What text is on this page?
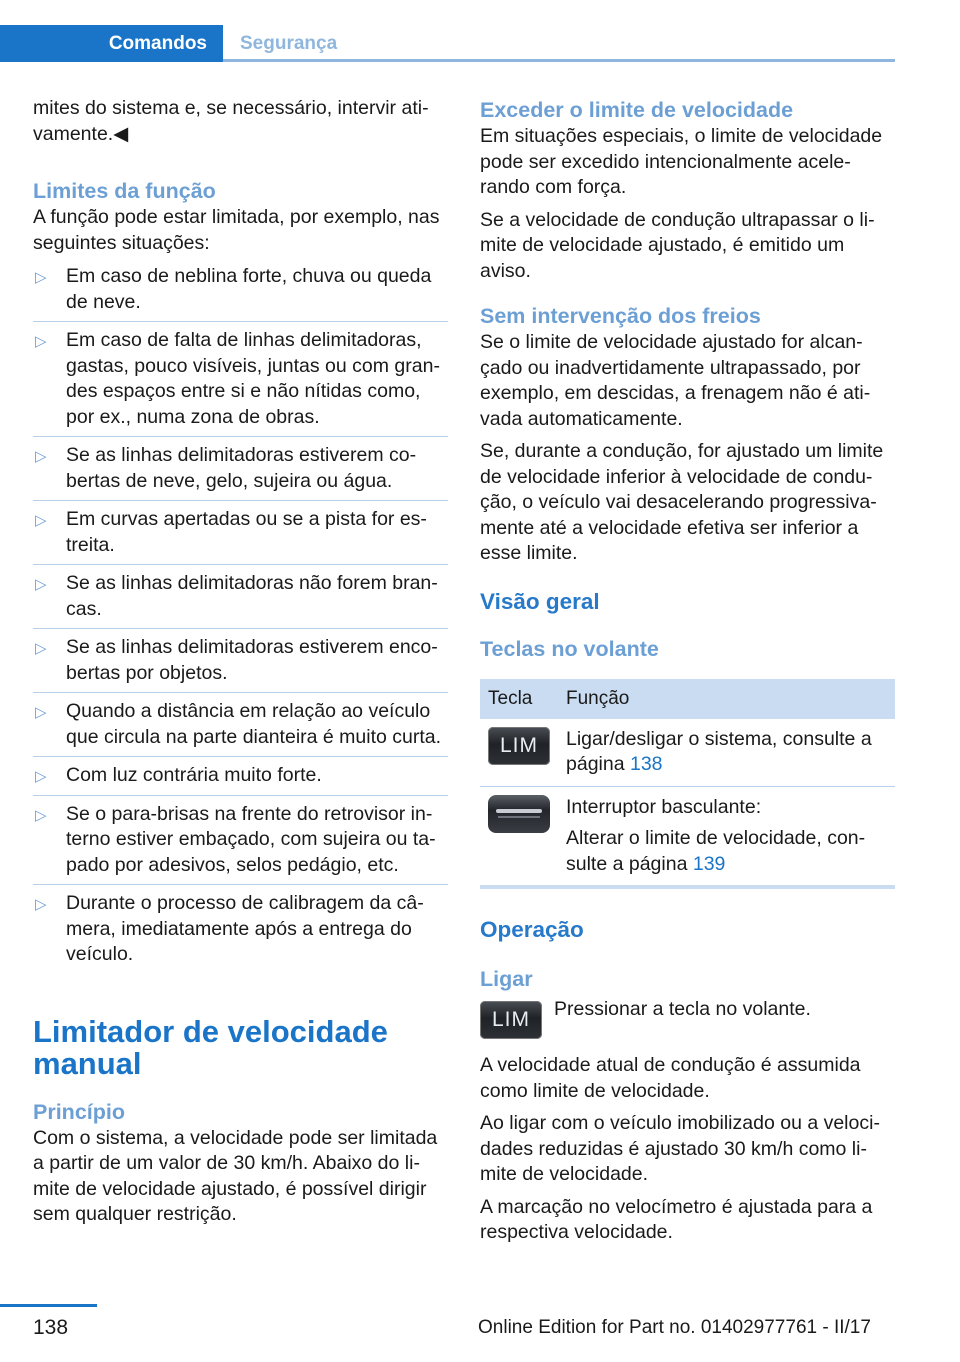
Comandos	Segurança

mites do sistema e, se necessário, intervir ati-vamente.◀

Limites da função

A função pode estar limitada, por exemplo, nas seguintes situações:

▷ Em caso de neblina forte, chuva ou queda de neve.
▷ Em caso de falta de linhas delimitadoras, gastas, pouco visíveis, juntas ou com gran-des espaços entre si e não nítidas como, por ex., numa zona de obras.
▷ Se as linhas delimitadoras estiverem co-bertas de neve, gelo, sujeira ou água.
▷ Em curvas apertadas ou se a pista for es-treita.
▷ Se as linhas delimitadoras não forem bran-cas.
▷ Se as linhas delimitadoras estiverem enco-bertas por objetos.
▷ Quando a distância em relação ao veículo que circula na parte dianteira é muito curta.
▷ Com luz contrária muito forte.
▷ Se o para-brisas na frente do retrovisor in-terno estiver embaçado, com sujeira ou ta-pado por adesivos, selos pedágio, etc.
▷ Durante o processo de calibragem da câ-mera, imediatamente após a entrega do veículo.
Limitador de velocidade
manual
Princípio

Com o sistema, a velocidade pode ser limitada a partir de um valor de 30 km/h. Abaixo do li-mite de velocidade ajustado, é possível dirigir sem qualquer restrição.

Exceder o limite de velocidade

Em situações especiais, o limite de velocidade pode ser excedido intencionalmente acele-rando com força.

Se a velocidade de condução ultrapassar o li-mite de velocidade ajustado, é emitido um aviso.

Sem intervenção dos freios

Se o limite de velocidade ajustado for alcan-çado ou inadvertidamente ultrapassado, por exemplo, em descidas, a frenagem não é ati-vada automaticamente.

Se, durante a condução, for ajustado um limite de velocidade inferior à velocidade de condu-ção, o veículo vai desacelerando progressiva-mente até a velocidade efetiva ser inferior a esse limite.

Visão geral
Teclas no volante
Tecla	Função

LIM	Ligar/desligar o sistema, consulte a página 138

	Interruptor basculante:

Alterar o limite de velocidade, con-sulte a página 139
Operação
Ligar
LIM	Pressionar a tecla no volante.

A velocidade atual de condução é assumida como limite de velocidade.

Ao ligar com o veículo imobilizado ou a veloci-dades reduzidas é ajustado 30 km/h como li-mite de velocidade.

A marcação no velocímetro é ajustada para a respectiva velocidade.

138	Online Edition for Part no. 01402977761 - II/17
